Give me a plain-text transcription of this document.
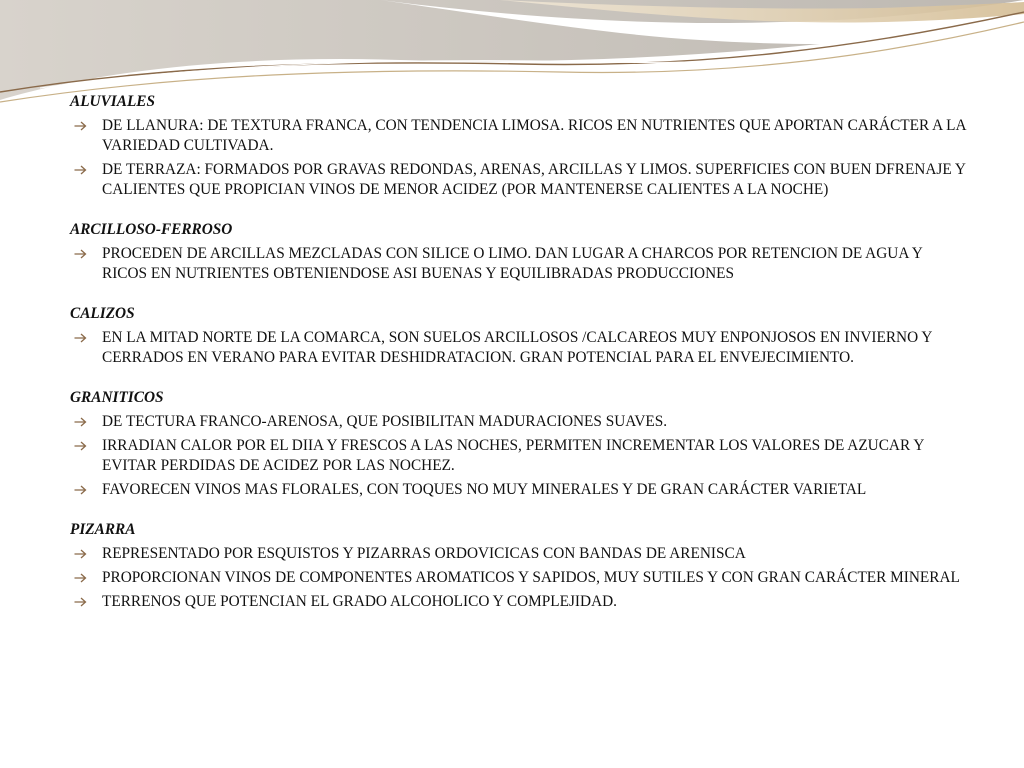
ALUVIALES
DE LLANURA: DE TEXTURA FRANCA, CON TENDENCIA LIMOSA. RICOS EN NUTRIENTES QUE APORTAN CARÁCTER A LA VARIEDAD CULTIVADA.
DE TERRAZA: FORMADOS POR GRAVAS REDONDAS, ARENAS, ARCILLAS Y LIMOS. SUPERFICIES CON BUEN DFRENAJE Y CALIENTES QUE PROPICIAN VINOS DE MENOR ACIDEZ (POR MANTENERSE CALIENTES A LA NOCHE)
ARCILLOSO-FERROSO
PROCEDEN DE ARCILLAS MEZCLADAS CON SILICE O LIMO. DAN LUGAR A CHARCOS POR RETENCION DE AGUA Y RICOS EN NUTRIENTES OBTENIENDOSE ASI BUENAS Y EQUILIBRADAS PRODUCCIONES
CALIZOS
EN LA MITAD NORTE DE LA COMARCA, SON SUELOS ARCILLOSOS /CALCAREOS MUY ENPONJOSOS EN INVIERNO Y CERRADOS EN VERANO PARA EVITAR DESHIDRATACION. GRAN POTENCIAL PARA EL ENVEJECIMIENTO.
GRANITICOS
DE TECTURA FRANCO-ARENOSA, QUE POSIBILITAN MADURACIONES SUAVES.
IRRADIAN CALOR POR EL DIIA Y FRESCOS A LAS NOCHES, PERMITEN INCREMENTAR LOS VALORES DE AZUCAR Y EVITAR PERDIDAS DE ACIDEZ POR LAS NOCHEZ.
FAVORECEN VINOS MAS FLORALES, CON TOQUES NO MUY MINERALES Y DE GRAN CARÁCTER VARIETAL
PIZARRA
REPRESENTADO POR ESQUISTOS Y PIZARRAS ORDOVICICAS CON BANDAS DE ARENISCA
PROPORCIONAN VINOS DE COMPONENTES AROMATICOS Y SAPIDOS, MUY SUTILES Y CON GRAN CARÁCTER MINERAL
TERRENOS QUE POTENCIAN EL GRADO ALCOHOLICO Y COMPLEJIDAD.
